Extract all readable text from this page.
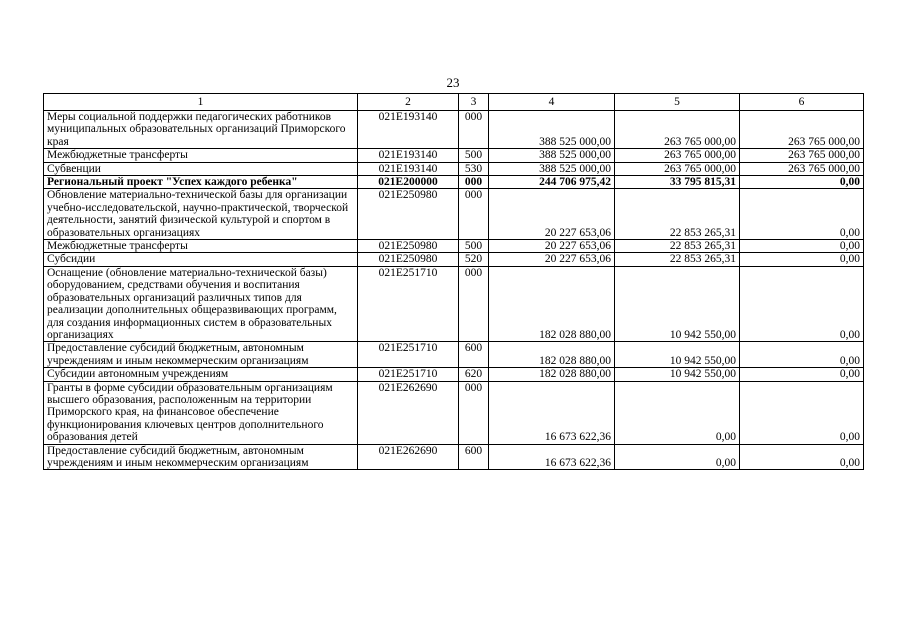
23
1	2	3	4	5	6
Меры социальной поддержки педагогических работников муниципальных образовательных организаций Приморского края	021E193140	000	388 525 000,00	263 765 000,00	263 765 000,00
Межбюджетные трансферты	021E193140	500	388 525 000,00	263 765 000,00	263 765 000,00
Субвенции	021E193140	530	388 525 000,00	263 765 000,00	263 765 000,00
Региональный проект "Успех каждого ребенка"	021E200000	000	244 706 975,42	33 795 815,31	0,00
Обновление материально-технической базы для организации учебно-исследовательской, научно-практической, творческой деятельности, занятий физической культурой и спортом в образовательных организациях	021E250980	000	20 227 653,06	22 853 265,31	0,00
Межбюджетные трансферты	021E250980	500	20 227 653,06	22 853 265,31	0,00
Субсидии	021E250980	520	20 227 653,06	22 853 265,31	0,00
Оснащение (обновление материально-технической базы) оборудованием, средствами обучения и воспитания образовательных организаций различных типов для реализации дополнительных общеразвивающих программ, для создания информационных систем в образовательных организациях	021E251710	000	182 028 880,00	10 942 550,00	0,00
Предоставление субсидий бюджетным, автономным учреждениям и иным некоммерческим организациям	021E251710	600	182 028 880,00	10 942 550,00	0,00
Субсидии автономным учреждениям	021E251710	620	182 028 880,00	10 942 550,00	0,00
Гранты в форме субсидии образовательным организациям высшего образования, расположенным на территории Приморского края, на финансовое обеспечение функционирования ключевых центров дополнительного образования детей	021E262690	000	16 673 622,36	0,00	0,00
Предоставление субсидий бюджетным, автономным учреждениям и иным некоммерческим организациям	021E262690	600	16 673 622,36	0,00	0,00
